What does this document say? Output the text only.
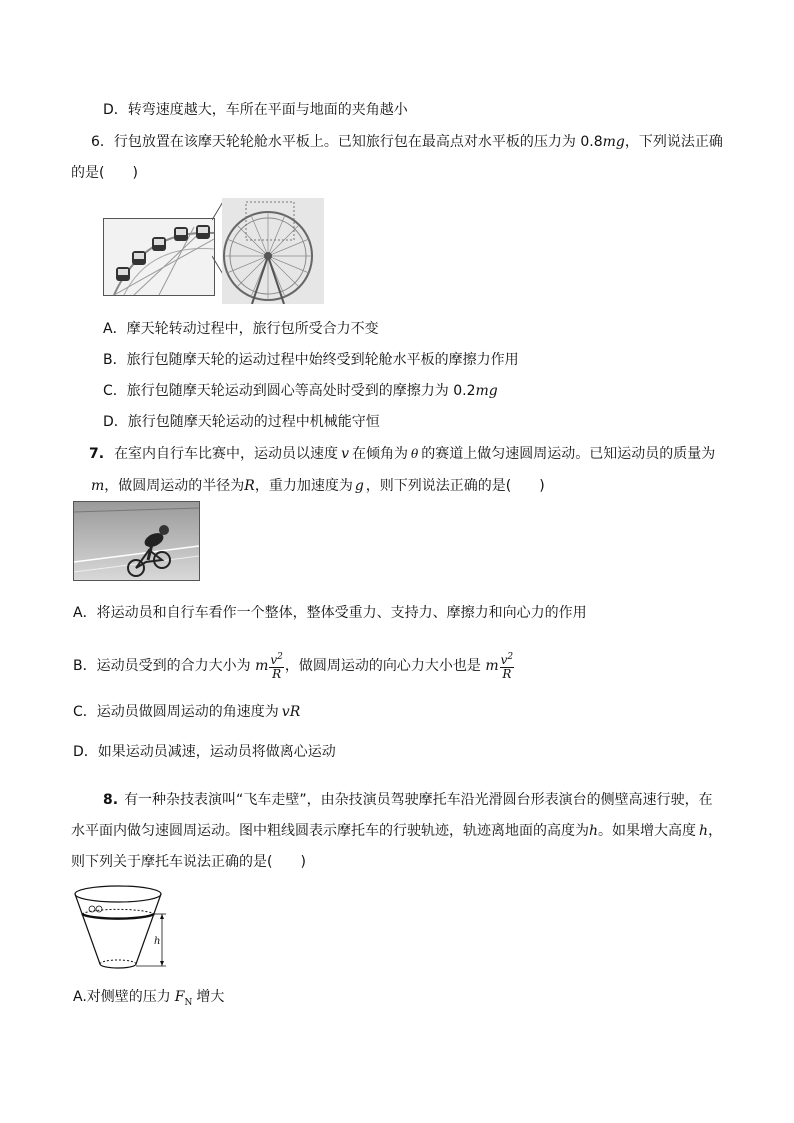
D．转弯速度越大，车所在平面与地面的夹角越小
6．行包放置在该摩天轮轮舱水平板上。已知旅行包在最高点对水平板的压力为 0.8mg，下列说法正确
的是(　　)
A．摩天轮转动过程中，旅行包所受合力不变
B．旅行包随摩天轮的运动过程中始终受到轮舱水平板的摩擦力作用
C．旅行包随摩天轮运动到圆心等高处时受到的摩擦力为 0.2mg
D．旅行包随摩天轮运动的过程中机械能守恒
7. 在室内自行车比赛中，运动员以速度 v 在倾角为 θ 的赛道上做匀速圆周运动。已知运动员的质量为
m，做圆周运动的半径为R，重力加速度为 g ，则下列说法正确的是(　　)
A．将运动员和自行车看作一个整体，整体受重力、支持力、摩擦力和向心力的作用
B．运动员受到的合力大小为 m $\frac{v^2}{R}$ ，做圆周运动的向心力大小也是 m $\frac{v^2}{R}$
C．运动员做圆周运动的角速度为 vR
D．如果运动员减速，运动员将做离心运动
8. 有一种杂技表演叫“飞车走壁”，由杂技演员驾驶摩托车沿光滑圆台形表演台的侧壁高速行驶，在
水平面内做匀速圆周运动。图中粗线圆表示摩托车的行驶轨迹，轨迹离地面的高度为h。如果增大高度 h，
则下列关于摩托车说法正确的是(　　)
h
A.对侧壁的压力 $F_N$ 增大
